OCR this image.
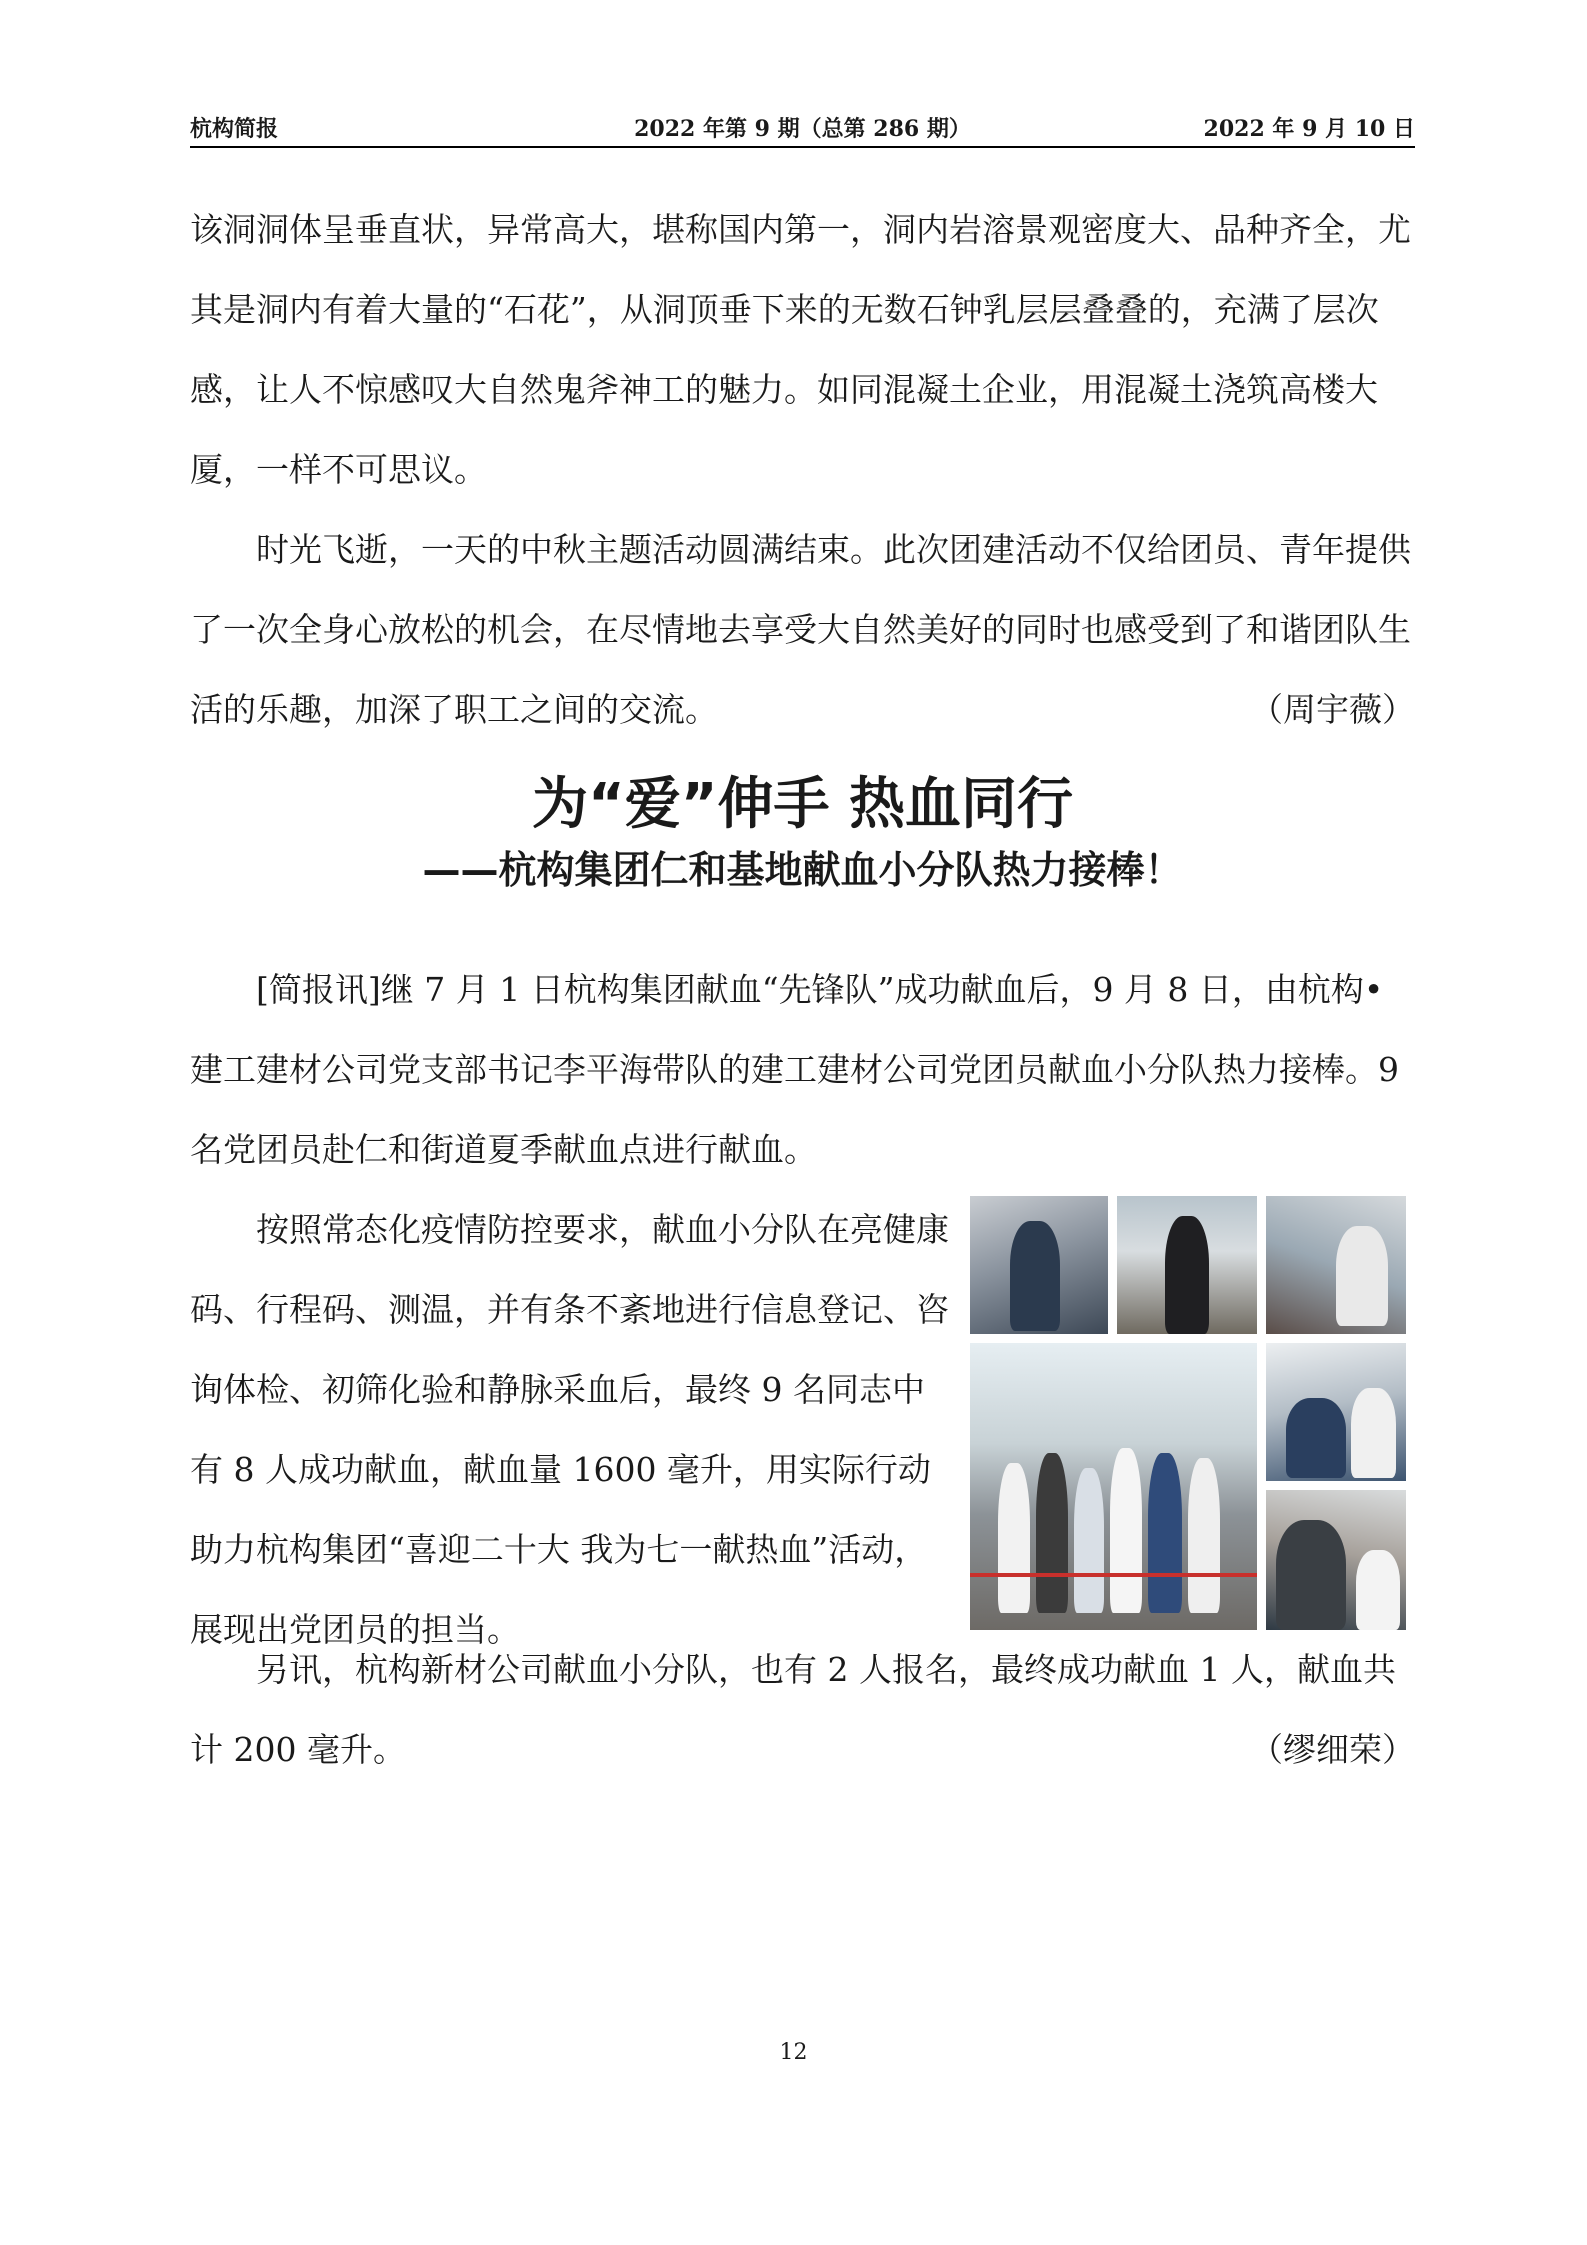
2022 年第 9 期（总第 286 期）
杭构简报	2022 年 9 月 10 日

该洞洞体呈垂直状，异常高大，堪称国内第一，洞内岩溶景观密度大、品种齐全，尤其是洞内有着大量的“石花”，从洞顶垂下来的无数石钟乳层层叠叠的，充满了层次感，让人不惊感叹大自然鬼斧神工的魅力。如同混凝土企业，用混凝土浇筑高楼大厦，一样不可思议。

时光飞逝，一天的中秋主题活动圆满结束。此次团建活动不仅给团员、青年提供了一次全身心放松的机会，在尽情地去享受大自然美好的同时也感受到了和谐团队生活的乐趣，加深了职工之间的交流。	（周宇薇）

为“爱”伸手 热血同行
——杭构集团仁和基地献血小分队热力接棒！

[简报讯]继 7 月 1 日杭构集团献血“先锋队”成功献血后，9 月 8 日，由杭构•建工建材公司党支部书记李平海带队的建工建材公司党团员献血小分队热力接棒。9 名党团员赴仁和街道夏季献血点进行献血。

按照常态化疫情防控要求，献血小分队在亮健康码、行程码、测温，并有条不紊地进行信息登记、咨询体检、初筛化验和静脉采血后，最终 9 名同志中有 8 人成功献血，献血量 1600 毫升，用实际行动助力杭构集团“喜迎二十大 我为七一献热血”活动，展现出党团员的担当。

另讯，杭构新材公司献血小分队，也有 2 人报名，最终成功献血 1 人，献血共计 200 毫升。	（缪细荣）

12
